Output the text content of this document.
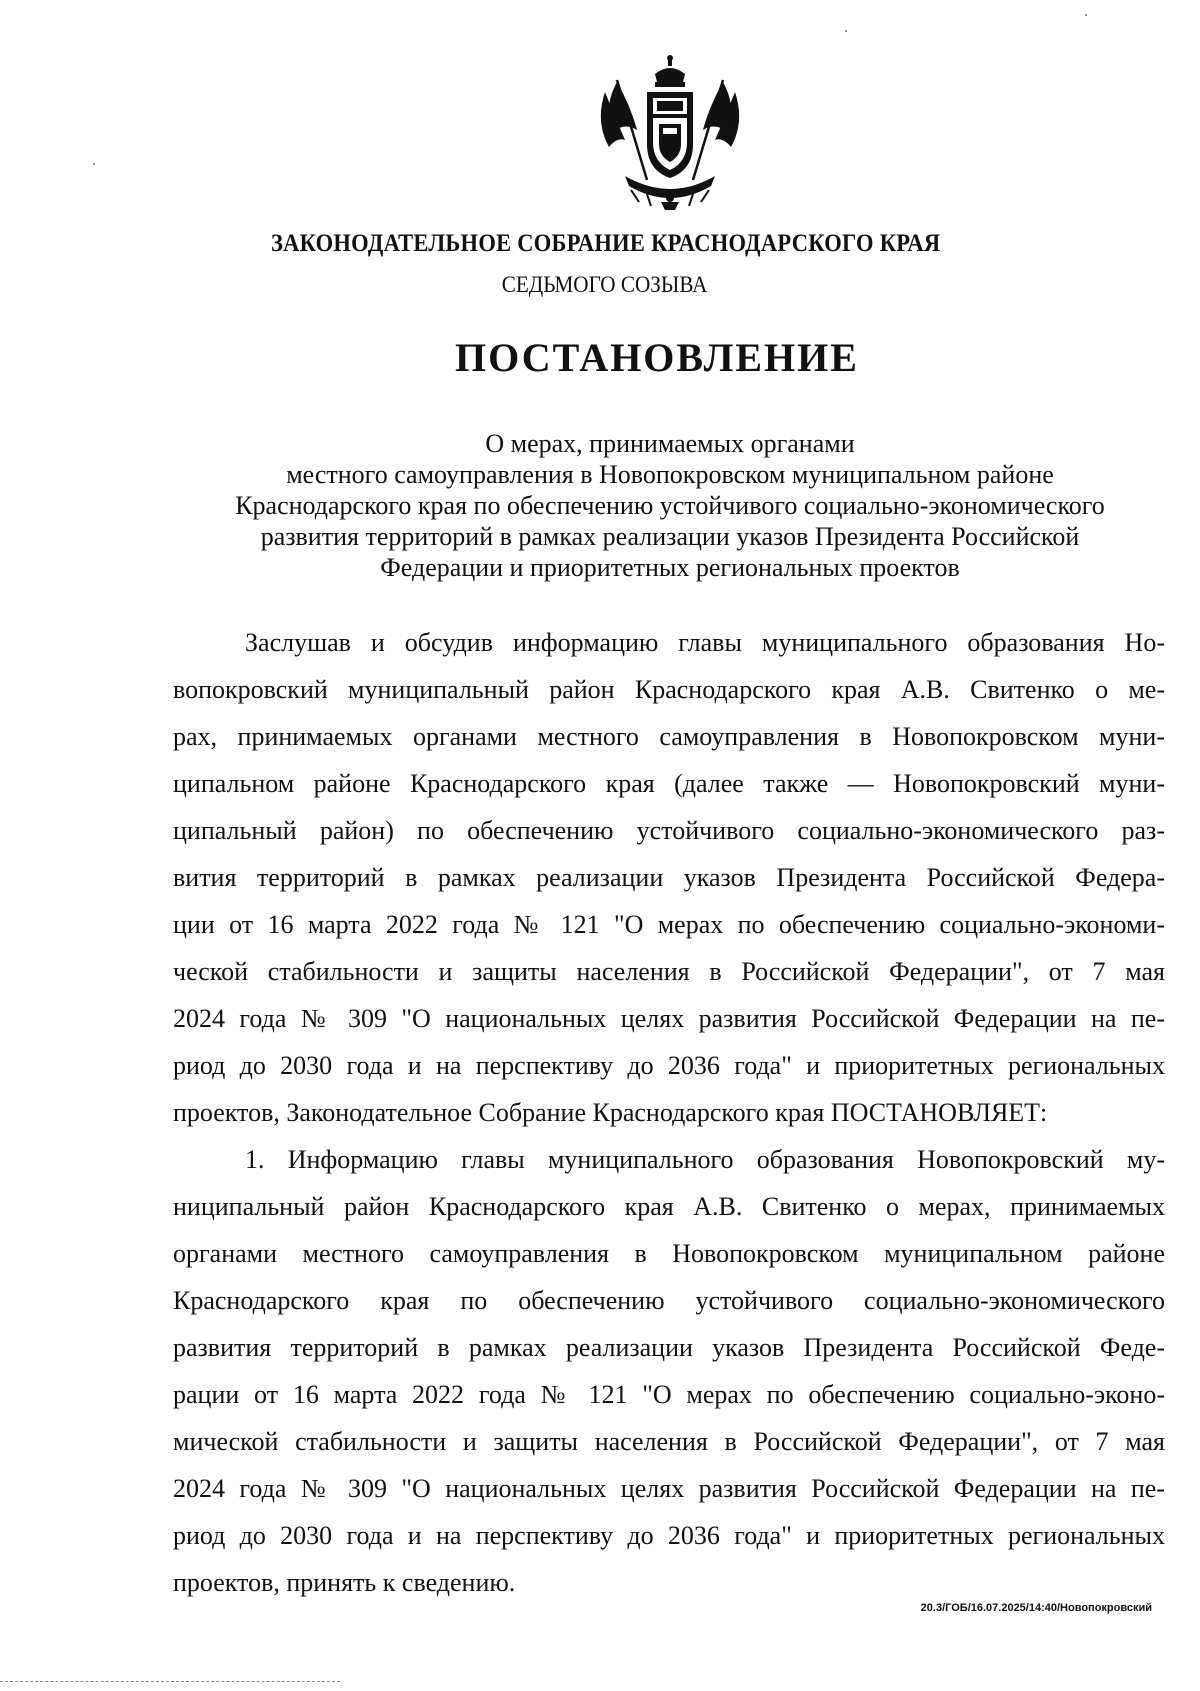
ЗАКОНОДАТЕЛЬНОЕ СОБРАНИЕ КРАСНОДАРСКОГО КРАЯ
СЕДЬМОГО СОЗЫВА
ПОСТАНОВЛЕНИЕ
О мерах, принимаемых органами
местного самоуправления в Новопокровском муниципальном районе
Краснодарского края по обеспечению устойчивого социально-экономического
развития территорий в рамках реализации указов Президента Российской
Федерации и приоритетных региональных проектов
Заслушав и обсудив информацию главы муниципального образования Но-
вопокровский муниципальный район Краснодарского края А.В. Свитенко о ме-
рах, принимаемых органами местного самоуправления в Новопокровском муни-
ципальном районе Краснодарского края (далее также — Новопокровский муни-
ципальный район) по обеспечению устойчивого социально-экономического раз-
вития территорий в рамках реализации указов Президента Российской Федера-
ции от 16 марта 2022 года № 121 "О мерах по обеспечению социально-экономи-
ческой стабильности и защиты населения в Российской Федерации", от 7 мая
2024 года № 309 "О национальных целях развития Российской Федерации на пе-
риод до 2030 года и на перспективу до 2036 года" и приоритетных региональных
проектов, Законодательное Собрание Краснодарского края ПОСТАНОВЛЯЕТ:
1. Информацию главы муниципального образования Новопокровский му-
ниципальный район Краснодарского края А.В. Свитенко о мерах, принимаемых
органами местного самоуправления в Новопокровском муниципальном районе
Краснодарского края по обеспечению устойчивого социально-экономического
развития территорий в рамках реализации указов Президента Российской Феде-
рации от 16 марта 2022 года № 121 "О мерах по обеспечению социально-эконо-
мической стабильности и защиты населения в Российской Федерации", от 7 мая
2024 года № 309 "О национальных целях развития Российской Федерации на пе-
риод до 2030 года и на перспективу до 2036 года" и приоритетных региональных
проектов, принять к сведению.
20.3/ГОБ/16.07.2025/14:40/Новопокровский
